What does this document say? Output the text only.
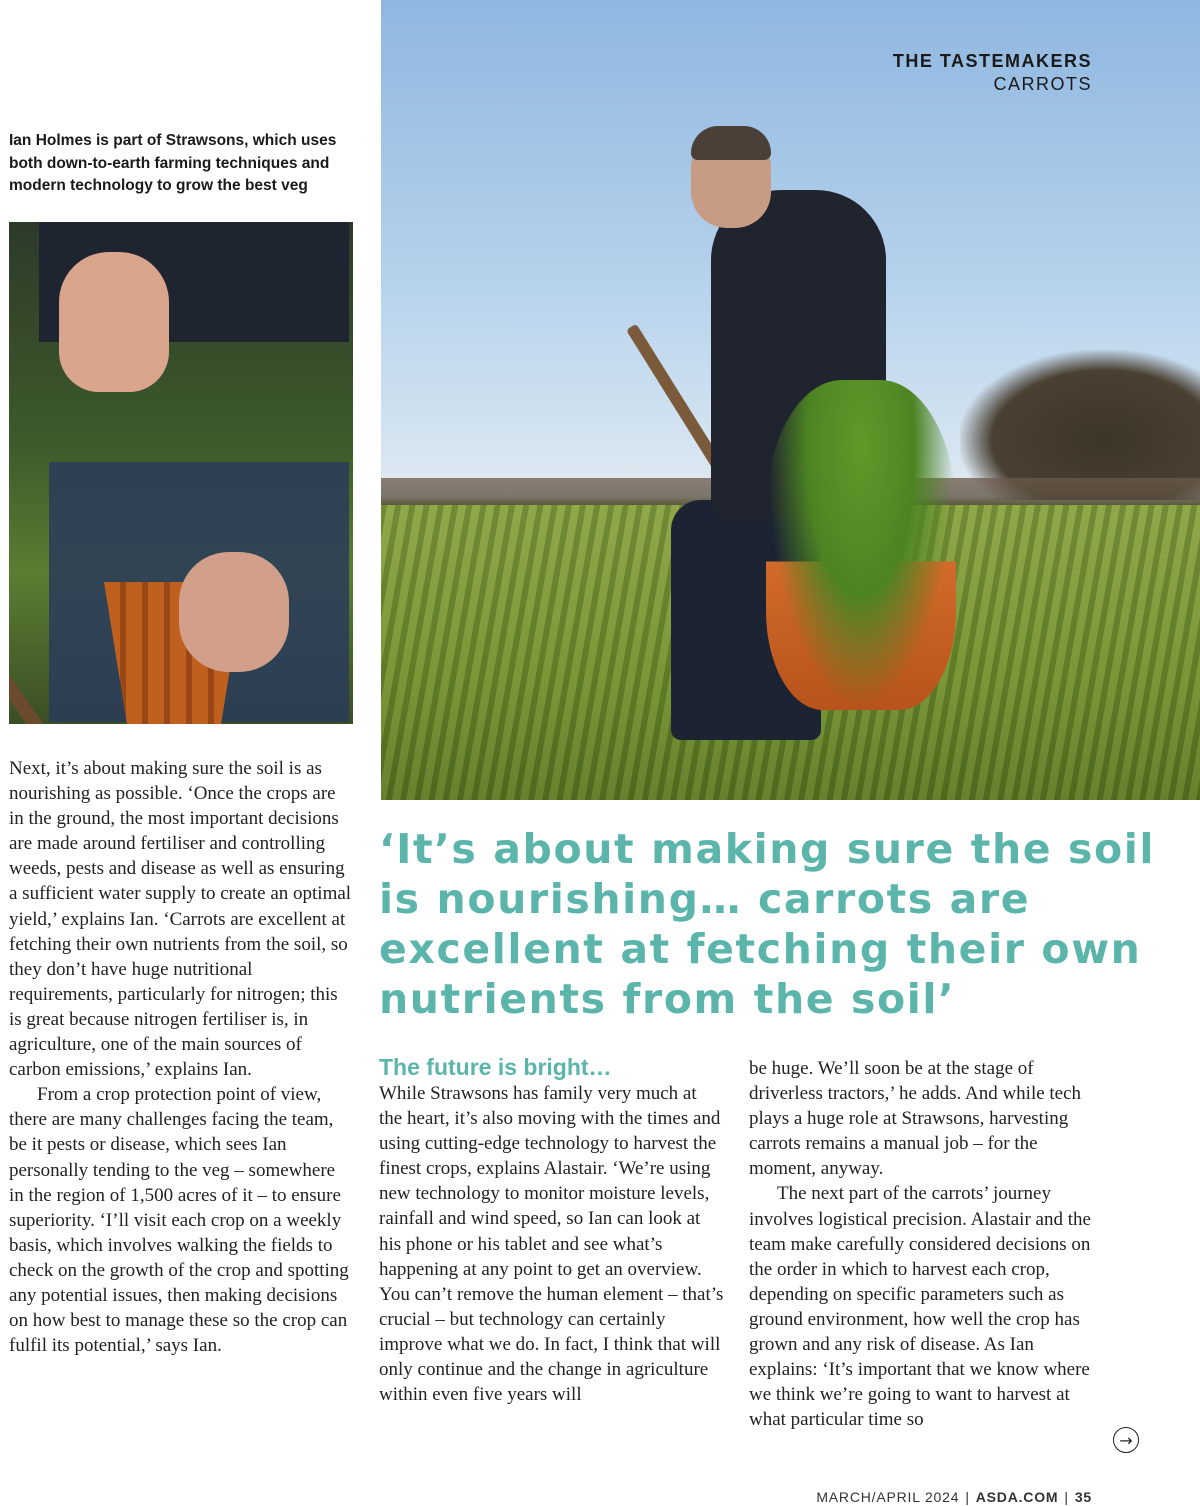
THE TASTEMAKERS
CARROTS
Ian Holmes is part of Strawsons, which uses both down-to-earth farming techniques and modern technology to grow the best veg
‘It’s about making sure the soil is nourishing… carrots are excellent at fetching their own nutrients from the soil’

Next, it’s about making sure the soil is as nourishing as possible. ‘Once the crops are in the ground, the most important decisions are made around fertiliser and controlling weeds, pests and disease as well as ensuring a sufficient water supply to create an optimal yield,’ explains Ian. ‘Carrots are excellent at fetching their own nutrients from the soil, so they don’t have huge nutritional requirements, particularly for nitrogen; this is great because nitrogen fertiliser is, in agriculture, one of the main sources of carbon emissions,’ explains Ian.

From a crop protection point of view, there are many challenges facing the team, be it pests or disease, which sees Ian personally tending to the veg – somewhere in the region of 1,500 acres of it – to ensure superiority. ‘I’ll visit each crop on a weekly basis, which involves walking the fields to check on the growth of the crop and spotting any potential issues, then making decisions on how best to manage these so the crop can fulfil its potential,’ says Ian.

The future is bright…

While Strawsons has family very much at the heart, it’s also moving with the times and using cutting-edge technology to harvest the finest crops, explains Alastair. ‘We’re using new technology to monitor moisture levels, rainfall and wind speed, so Ian can look at his phone or his tablet and see what’s happening at any point to get an overview. You can’t remove the human element – that’s crucial – but technology can certainly improve what we do. In fact, I think that will only continue and the change in agriculture within even five years will

be huge. We’ll soon be at the stage of driverless tractors,’ he adds. And while tech plays a huge role at Strawsons, harvesting carrots remains a manual job – for the moment, anyway.

The next part of the carrots’ journey involves logistical precision. Alastair and the team make carefully considered decisions on the order in which to harvest each crop, depending on specific parameters such as ground environment, how well the crop has grown and any risk of disease. As Ian explains: ‘It’s important that we know where we think we’re going to want to harvest at what particular time so

→
MARCH/APRIL 2024 | ASDA.COM | 35
